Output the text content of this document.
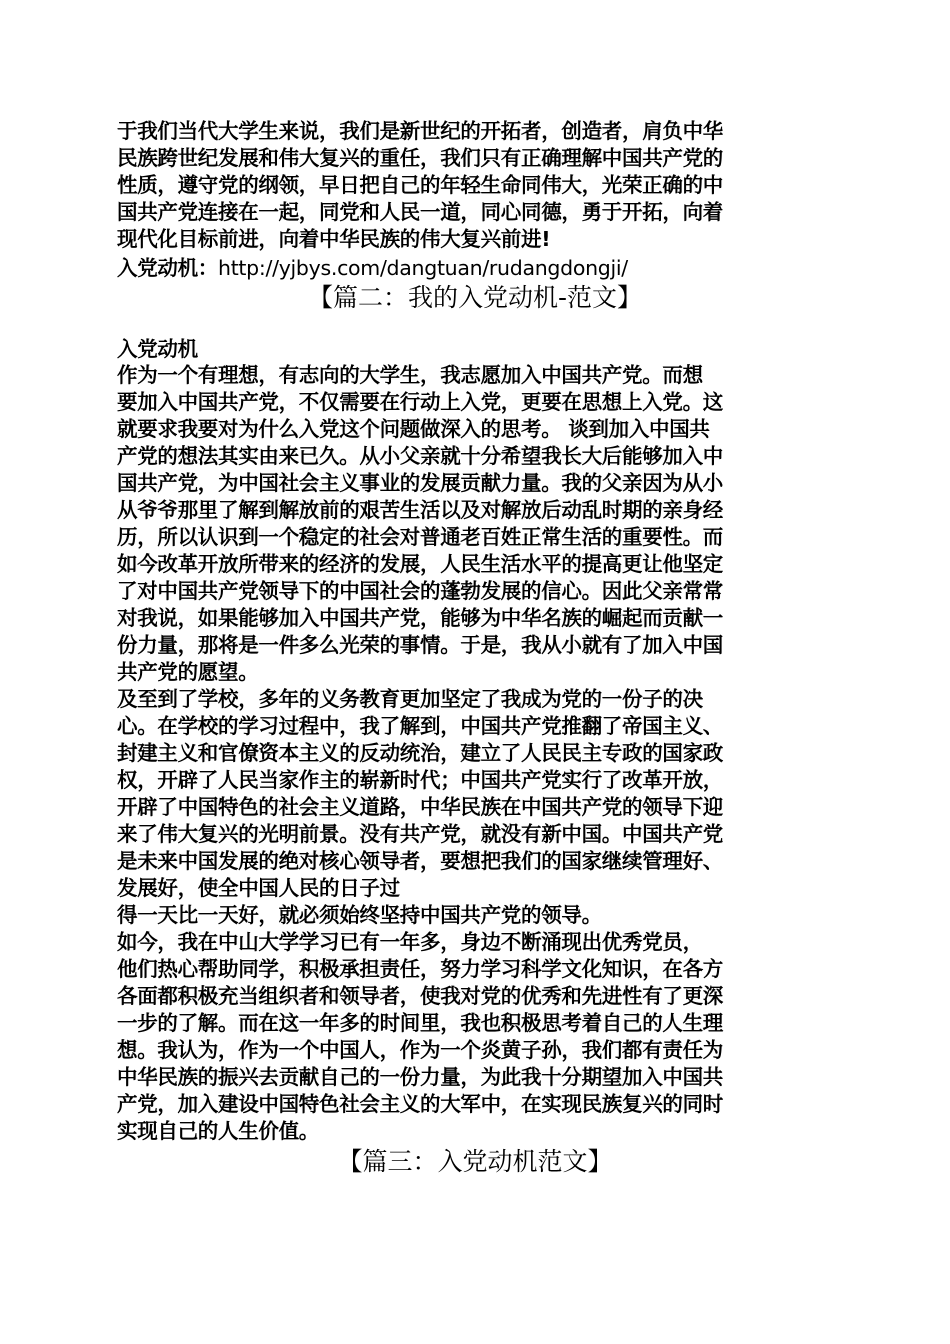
于我们当代大学生来说，我们是新世纪的开拓者，创造者，肩负中华
民族跨世纪发展和伟大复兴的重任，我们只有正确理解中国共产党的
性质，遵守党的纲领，早日把自己的年轻生命同伟大，光荣正确的中
国共产党连接在一起，同党和人民一道，同心同德，勇于开拓，向着
现代化目标前进，向着中华民族的伟大复兴前进!
入党动机：http://yjbys.com/dangtuan/rudangdongji/
【篇二：我的入党动机-范文】
入党动机
作为一个有理想，有志向的大学生，我志愿加入中国共产党。而想
要加入中国共产党，不仅需要在行动上入党，更要在思想上入党。这
就要求我要对为什么入党这个问题做深入的思考。 谈到加入中国共
产党的想法其实由来已久。从小父亲就十分希望我长大后能够加入中
国共产党，为中国社会主义事业的发展贡献力量。我的父亲因为从小
从爷爷那里了解到解放前的艰苦生活以及对解放后动乱时期的亲身经
历，所以认识到一个稳定的社会对普通老百姓正常生活的重要性。而
如今改革开放所带来的经济的发展，人民生活水平的提高更让他坚定
了对中国共产党领导下的中国社会的蓬勃发展的信心。因此父亲常常
对我说，如果能够加入中国共产党，能够为中华名族的崛起而贡献一
份力量，那将是一件多么光荣的事情。于是，我从小就有了加入中国
共产党的愿望。
及至到了学校，多年的义务教育更加坚定了我成为党的一份子的决
心。在学校的学习过程中，我了解到，中国共产党推翻了帝国主义、
封建主义和官僚资本主义的反动统治，建立了人民民主专政的国家政
权，开辟了人民当家作主的崭新时代；中国共产党实行了改革开放，
开辟了中国特色的社会主义道路，中华民族在中国共产党的领导下迎
来了伟大复兴的光明前景。没有共产党，就没有新中国。中国共产党
是未来中国发展的绝对核心领导者，要想把我们的国家继续管理好、
发展好，使全中国人民的日子过
得一天比一天好，就必须始终坚持中国共产党的领导。
如今，我在中山大学学习已有一年多，身边不断涌现出优秀党员，
他们热心帮助同学，积极承担责任，努力学习科学文化知识，在各方
各面都积极充当组织者和领导者，使我对党的优秀和先进性有了更深
一步的了解。而在这一年多的时间里，我也积极思考着自己的人生理
想。我认为，作为一个中国人，作为一个炎黄子孙，我们都有责任为
中华民族的振兴去贡献自己的一份力量，为此我十分期望加入中国共
产党，加入建设中国特色社会主义的大军中，在实现民族复兴的同时
实现自己的人生价值。
【篇三：入党动机范文】
